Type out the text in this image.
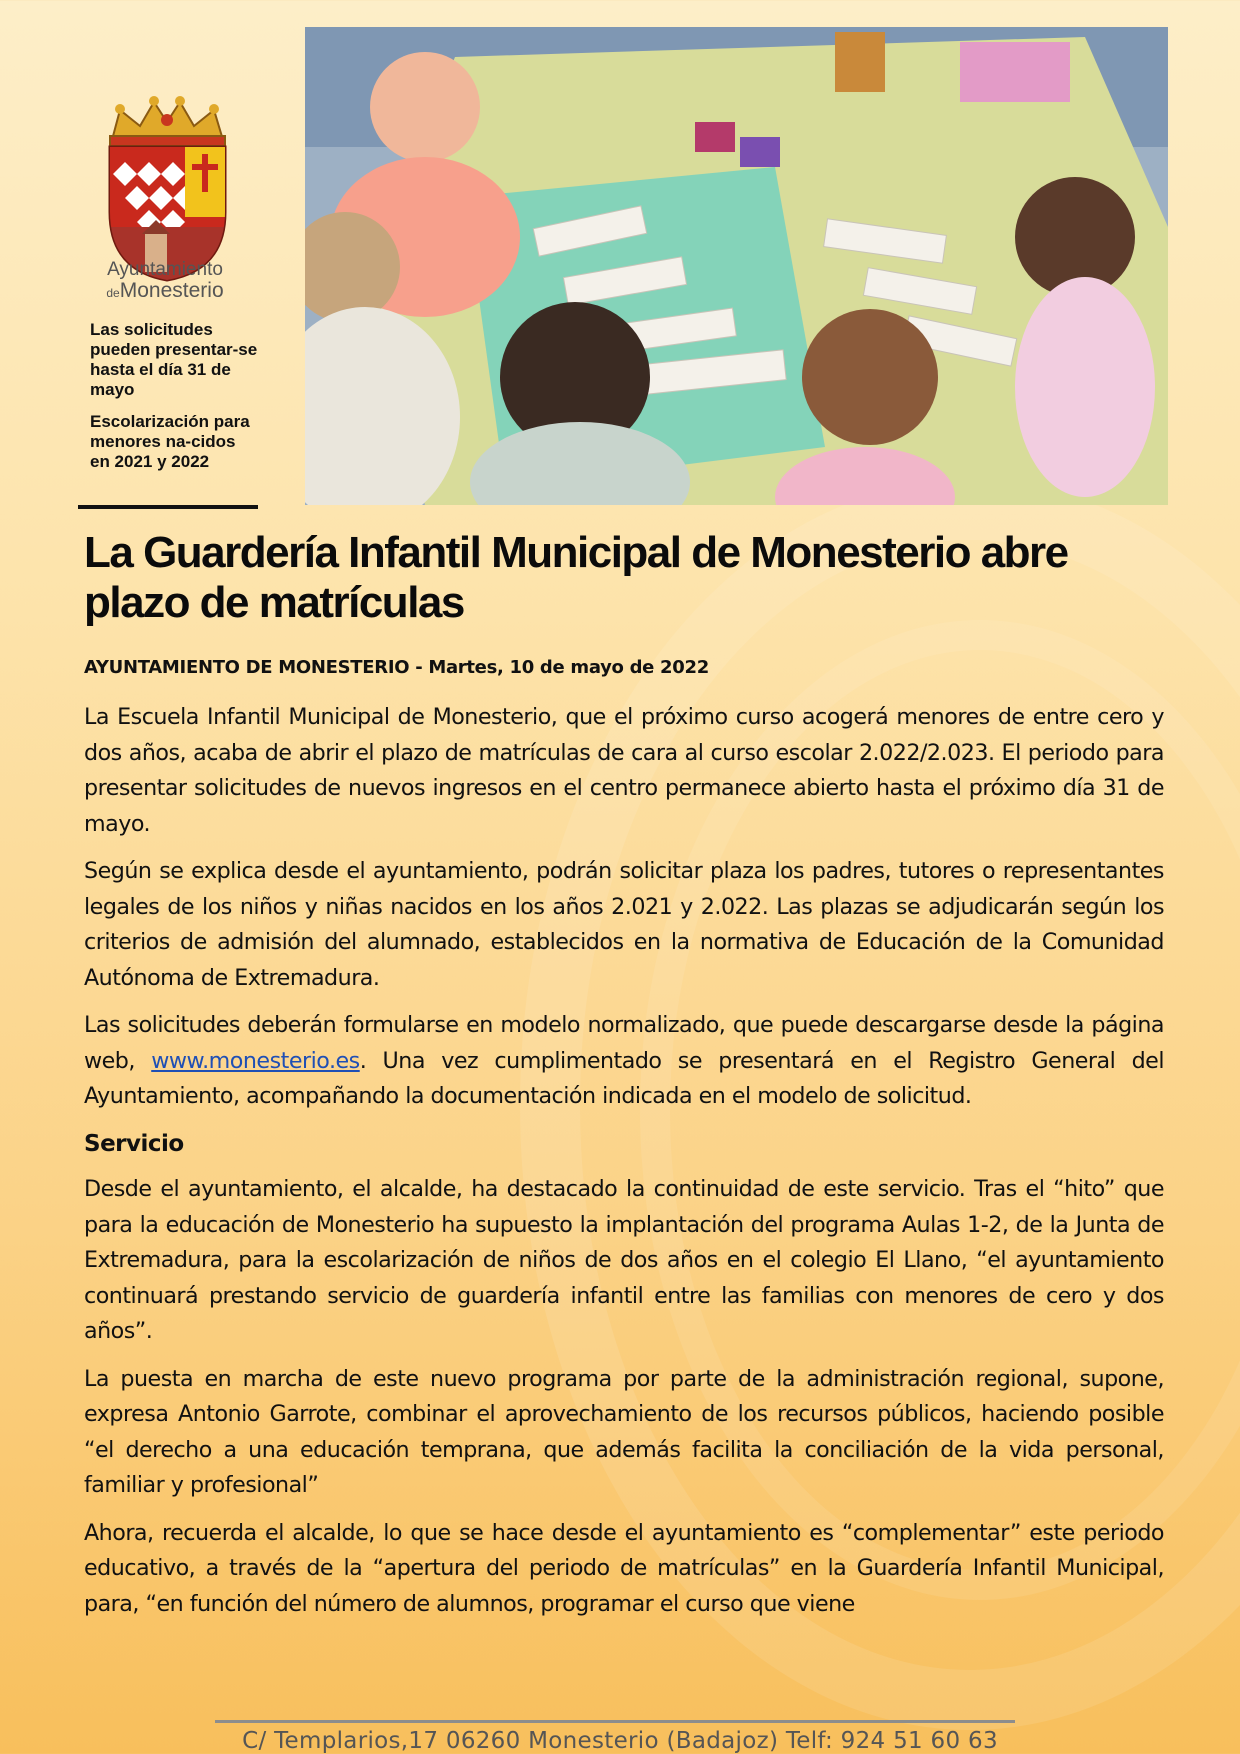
Ayuntamiento
deMonesterio

Las solicitudes pueden presentar-se hasta el día 31 de mayo

Escolarización para menores na-cidos en 2021 y 2022

La Guardería Infantil Municipal de Monesterio abre plazo de matrículas

AYUNTAMIENTO DE MONESTERIO - Martes, 10 de mayo de 2022

La Escuela Infantil Municipal de Monesterio, que el próximo curso acogerá menores de entre cero y dos años, acaba de abrir el plazo de matrículas de cara al curso escolar 2.022/2.023. El periodo para presentar solicitudes de nuevos ingresos en el centro permanece abierto hasta el próximo día 31 de mayo.

Según se explica desde el ayuntamiento, podrán solicitar plaza los padres, tutores o representantes legales de los niños y niñas nacidos en los años 2.021 y 2.022. Las plazas se adjudicarán según los criterios de admisión del alumnado, establecidos en la normativa de Educación de la Comunidad Autónoma de Extremadura.

Las solicitudes deberán formularse en modelo normalizado, que puede descargarse desde la página web, www.monesterio.es. Una vez cumplimentado se presentará en el Registro General del Ayuntamiento, acompañando la documentación indicada en el modelo de solicitud.

Servicio

Desde el ayuntamiento, el alcalde, ha destacado la continuidad de este servicio. Tras el “hito” que para la educación de Monesterio ha supuesto la implantación del programa Aulas 1-2, de la Junta de Extremadura, para la escolarización de niños de dos años en el colegio El Llano, “el ayuntamiento continuará prestando servicio de guardería infantil entre las familias con menores de cero y dos años”.

La puesta en marcha de este nuevo programa por parte de la administración regional, supone, expresa Antonio Garrote, combinar el aprovechamiento de los recursos públicos, haciendo posible “el derecho a una educación temprana, que además facilita la conciliación de la vida personal, familiar y profesional”

Ahora, recuerda el alcalde, lo que se hace desde el ayuntamiento es “complementar” este periodo educativo, a través de la “apertura del periodo de matrículas” en la Guardería Infantil Municipal, para, “en función del número de alumnos, programar el curso que viene

C/ Templarios,17 06260 Monesterio (Badajoz) Telf: 924 51 60 63
